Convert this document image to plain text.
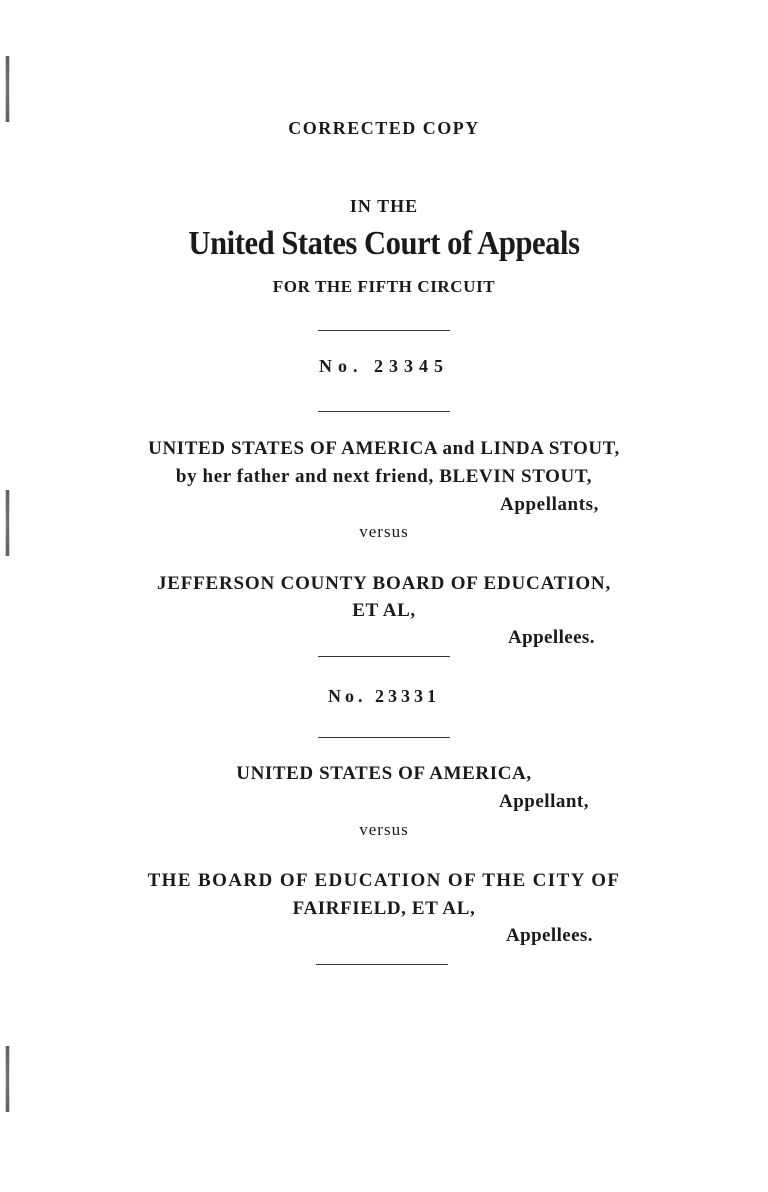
CORRECTED COPY
IN THE
United States Court of Appeals
FOR THE FIFTH CIRCUIT
No. 23345
UNITED STATES OF AMERICA and LINDA STOUT,
by her father and next friend, BLEVIN STOUT,
Appellants,
versus
JEFFERSON COUNTY BOARD OF EDUCATION,
ET AL,
Appellees.
No. 23331
UNITED STATES OF AMERICA,
Appellant,
versus
THE BOARD OF EDUCATION OF THE CITY OF
FAIRFIELD, ET AL,
Appellees.
